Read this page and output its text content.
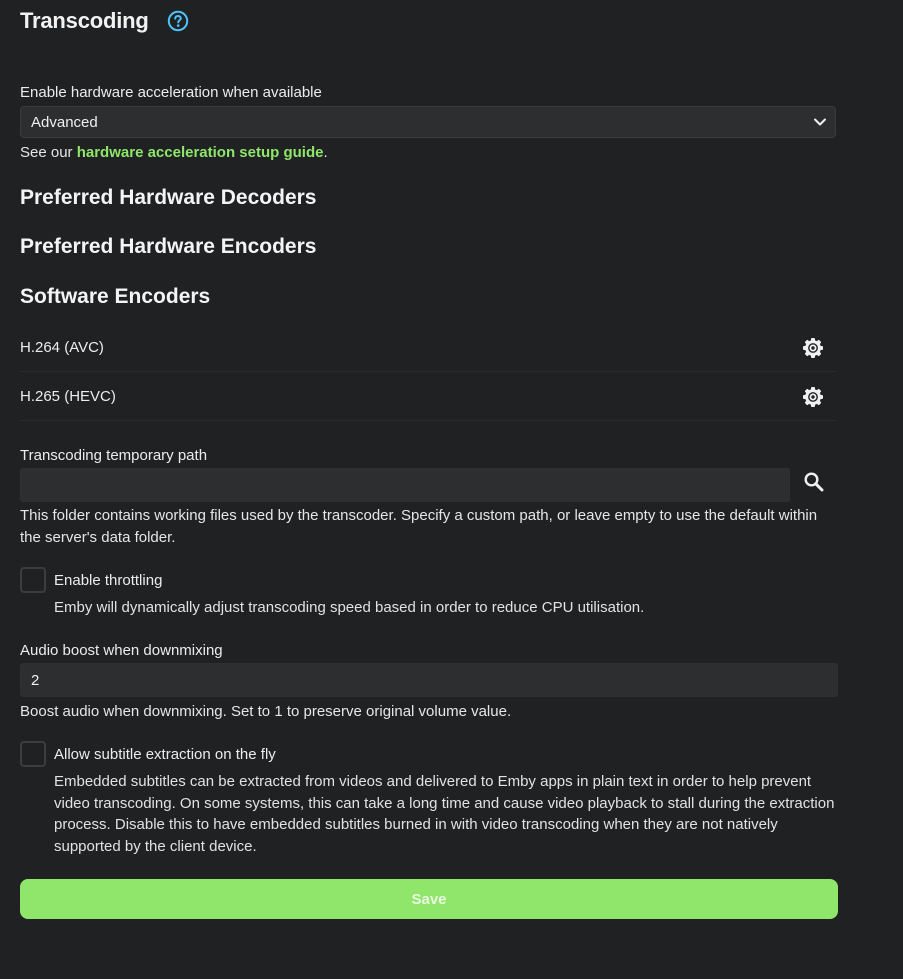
Transcoding
Enable hardware acceleration when available
Advanced
See our hardware acceleration setup guide.
Preferred Hardware Decoders
Preferred Hardware Encoders
Software Encoders
H.264 (AVC)
H.265 (HEVC)
Transcoding temporary path
This folder contains working files used by the transcoder. Specify a custom path, or leave empty to use the default within the server's data folder.
Enable throttling
Emby will dynamically adjust transcoding speed based in order to reduce CPU utilisation.
Audio boost when downmixing
2
Boost audio when downmixing. Set to 1 to preserve original volume value.
Allow subtitle extraction on the fly
Embedded subtitles can be extracted from videos and delivered to Emby apps in plain text in order to help prevent video transcoding. On some systems, this can take a long time and cause video playback to stall during the extraction process. Disable this to have embedded subtitles burned in with video transcoding when they are not natively supported by the client device.
Save
